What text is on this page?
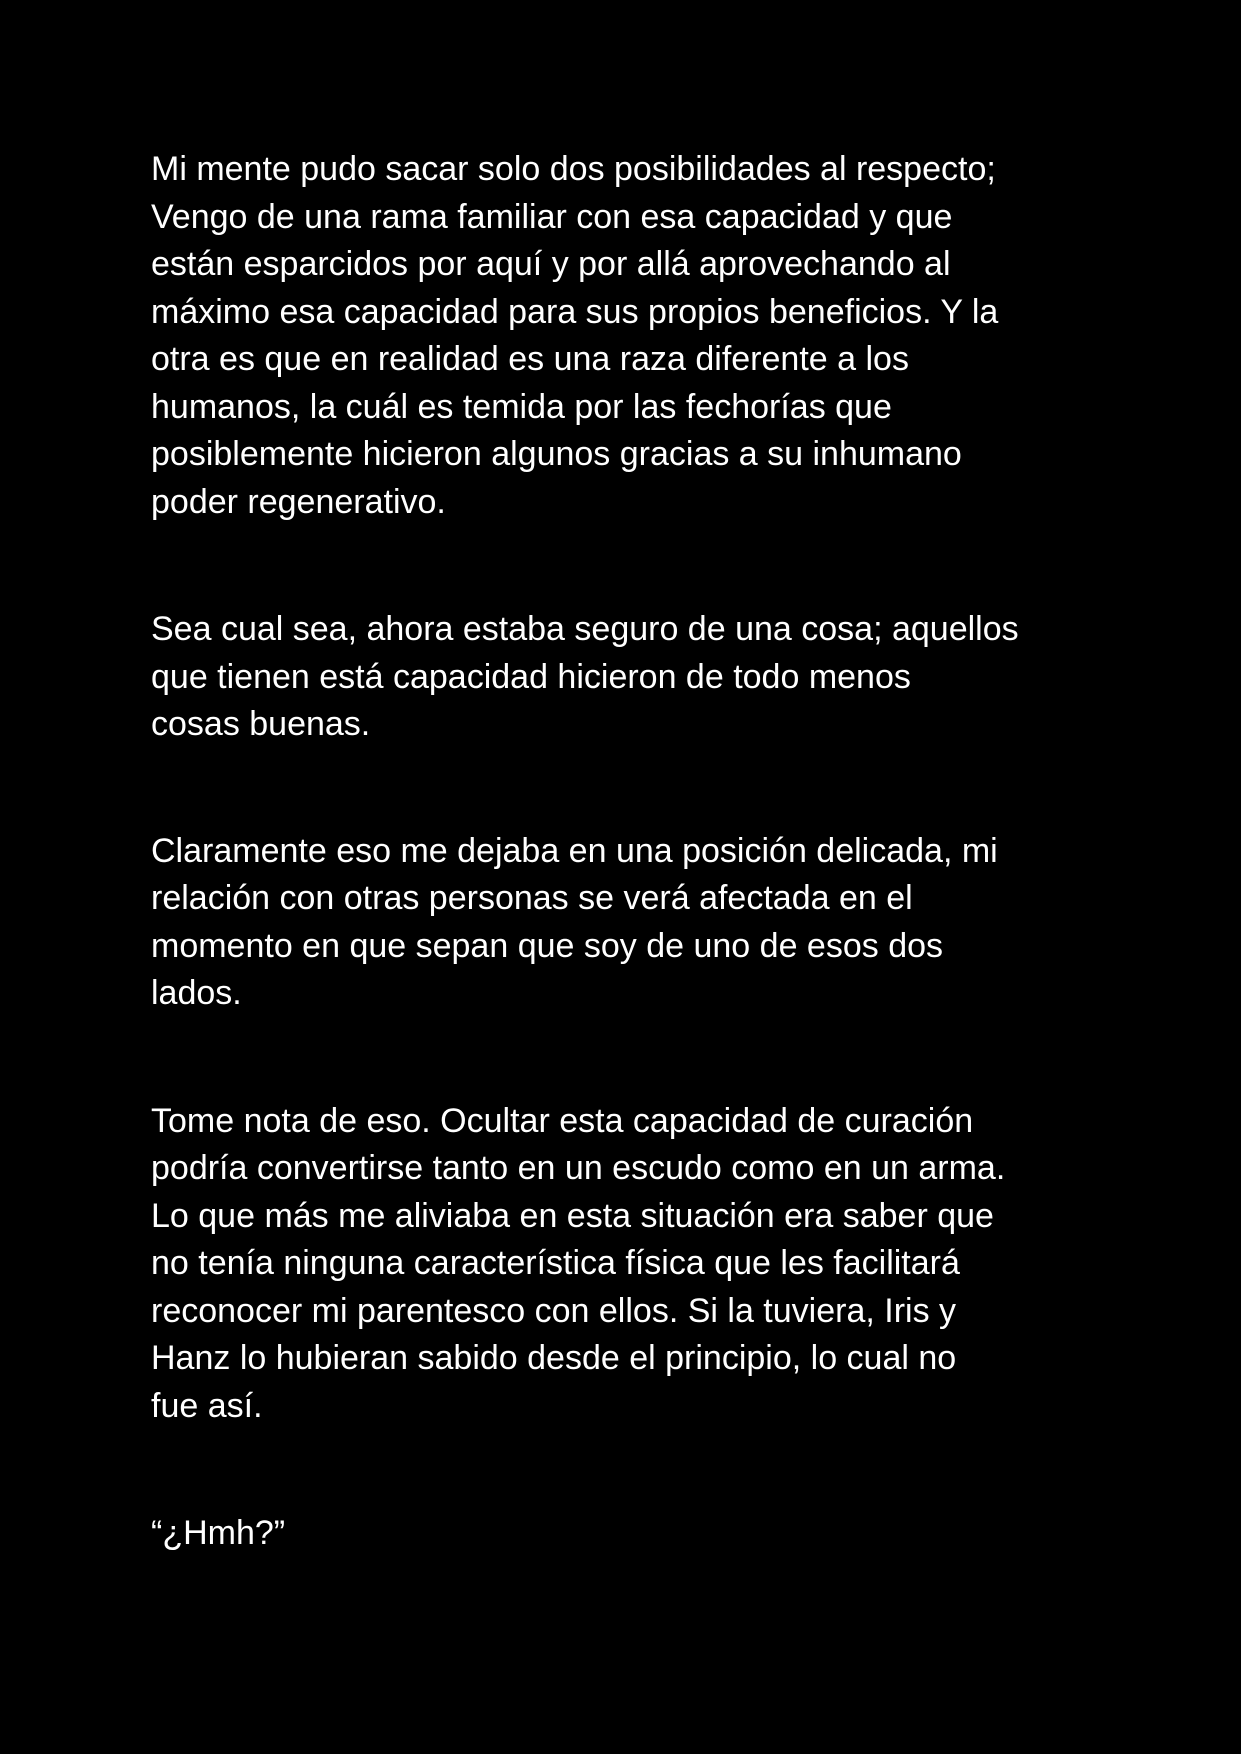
Mi mente pudo sacar solo dos posibilidades al respecto;
Vengo de una rama familiar con esa capacidad y que
están esparcidos por aquí y por allá aprovechando al
máximo esa capacidad para sus propios beneficios. Y la
otra es que en realidad es una raza diferente a los
humanos, la cuál es temida por las fechorías que
posiblemente hicieron algunos gracias a su inhumano
poder regenerativo.

Sea cual sea, ahora estaba seguro de una cosa; aquellos
que tienen está capacidad hicieron de todo menos
cosas buenas.

Claramente eso me dejaba en una posición delicada, mi
relación con otras personas se verá afectada en el
momento en que sepan que soy de uno de esos dos
lados.

Tome nota de eso. Ocultar esta capacidad de curación
podría convertirse tanto en un escudo como en un arma.
Lo que más me aliviaba en esta situación era saber que
no tenía ninguna característica física que les facilitará
reconocer mi parentesco con ellos. Si la tuviera, Iris y
Hanz lo hubieran sabido desde el principio, lo cual no
fue así.

“¿Hmh?”
